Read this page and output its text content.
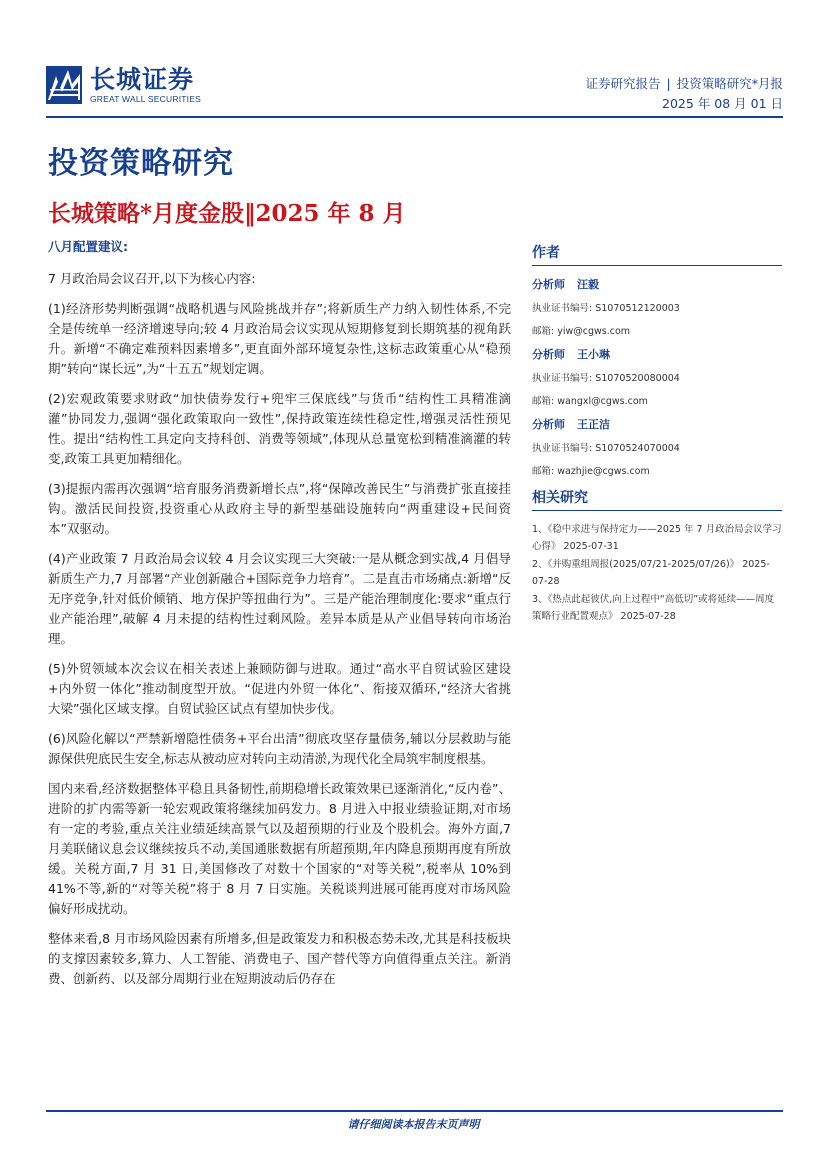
长城证券
GREAT WALL SECURITIES
证券研究报告 | 投资策略研究*月报
2025 年 08 月 01 日
投资策略研究
长城策略*月度金股‖2025 年 8 月
八月配置建议:

7 月政治局会议召开,以下为核心内容:

(1)经济形势判断强调“战略机遇与风险挑战并存”;将新质生产力纳入韧性体系,不完全是传统单一经济增速导向;较 4 月政治局会议实现从短期修复到长期筑基的视角跃升。新增“不确定难预料因素增多”,更直面外部环境复杂性,这标志政策重心从“稳预期”转向“谋长远”,为“十五五”规划定调。

(2)宏观政策要求财政“加快债券发行+兜牢三保底线”与货币“结构性工具精准滴灌”协同发力,强调“强化政策取向一致性”,保持政策连续性稳定性,增强灵活性预见性。提出“结构性工具定向支持科创、消费等领域”,体现从总量宽松到精准滴灌的转变,政策工具更加精细化。

(3)提振内需再次强调“培育服务消费新增长点”,将“保障改善民生”与消费扩张直接挂钩。激活民间投资,投资重心从政府主导的新型基础设施转向“两重建设+民间资本”双驱动。

(4)产业政策 7 月政治局会议较 4 月会议实现三大突破:一是从概念到实战,4 月倡导新质生产力,7 月部署“产业创新融合+国际竞争力培育”。二是直击市场痛点:新增“反无序竞争,针对低价倾销、地方保护等扭曲行为”。三是产能治理制度化:要求“重点行业产能治理”,破解 4 月未提的结构性过剩风险。差异本质是从产业倡导转向市场治理。

(5)外贸领域本次会议在相关表述上兼顾防御与进取。通过“高水平自贸试验区建设+内外贸一体化”推动制度型开放。“促进内外贸一体化”、衔接双循环,“经济大省挑大梁”强化区域支撑。自贸试验区试点有望加快步伐。

(6)风险化解以“严禁新增隐性债务+平台出清”彻底攻坚存量债务,辅以分层救助与能源保供兜底民生安全,标志从被动应对转向主动清淤,为现代化全局筑牢制度根基。

国内来看,经济数据整体平稳且具备韧性,前期稳增长政策效果已逐渐消化,“反内卷”、进阶的扩内需等新一轮宏观政策将继续加码发力。8 月进入中报业绩验证期,对市场有一定的考验,重点关注业绩延续高景气以及超预期的行业及个股机会。海外方面,7 月美联储议息会议继续按兵不动,美国通胀数据有所超预期,年内降息预期再度有所放缓。关税方面,7 月 31 日,美国修改了对数十个国家的“对等关税”,税率从 10%到 41%不等,新的“对等关税”将于 8 月 7 日实施。关税谈判进展可能再度对市场风险偏好形成扰动。

整体来看,8 月市场风险因素有所增多,但是政策发力和积极态势未改,尤其是科技板块的支撑因素较多,算力、人工智能、消费电子、国产替代等方向值得重点关注。新消费、创新药、以及部分周期行业在短期波动后仍存在

作者
分析师 汪毅
执业证书编号: S1070512120003
邮箱: yiw@cgws.com
分析师 王小琳
执业证书编号: S1070520080004
邮箱: wangxl@cgws.com
分析师 王正洁
执业证书编号: S1070524070004
邮箱: wazhjie@cgws.com
相关研究
1、《稳中求进与保持定力——2025 年 7 月政治局会议学习心得》 2025-07-31
2、《并购重组周报(2025/07/21-2025/07/26)》 2025-07-28
3、《热点此起彼伏,向上过程中“高低切”或将延续——周度策略行业配置观点》 2025-07-28
请仔细阅读本报告末页声明
